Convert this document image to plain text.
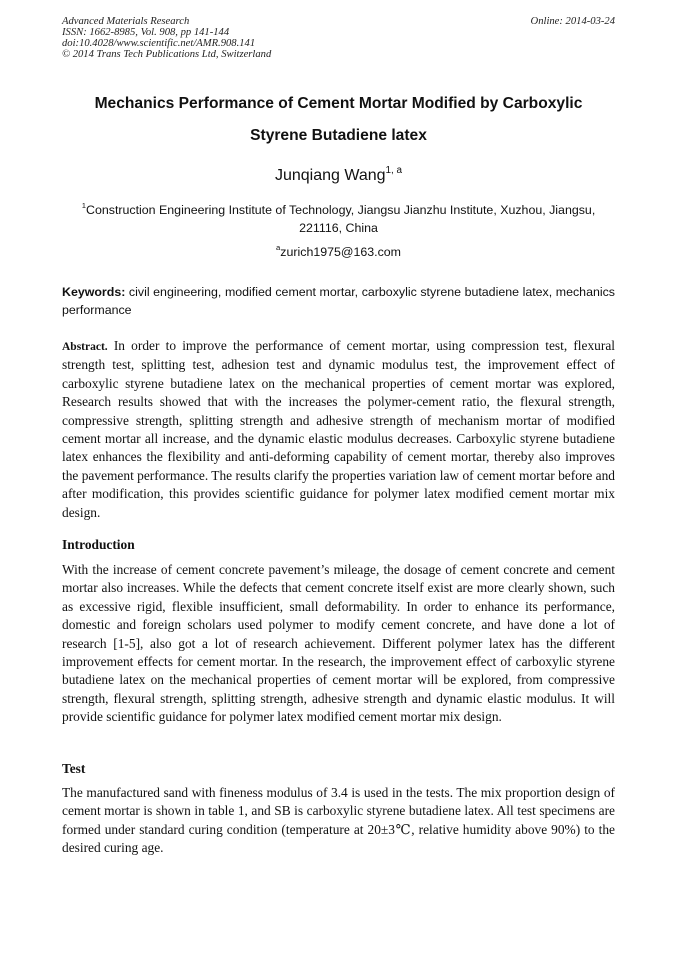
Advanced Materials Research
ISSN: 1662-8985, Vol. 908, pp 141-144
doi:10.4028/www.scientific.net/AMR.908.141
© 2014 Trans Tech Publications Ltd, Switzerland
Online: 2014-03-24
Mechanics Performance of Cement Mortar Modified by Carboxylic
Styrene Butadiene latex
Junqiang Wang$^{1, a}$
$^1$Construction Engineering Institute of Technology, Jiangsu Jianzhu Institute, Xuzhou, Jiangsu, 221116, China
$^a$zurich1975@163.com
Keywords: civil engineering, modified cement mortar, carboxylic styrene butadiene latex, mechanics performance
Abstract. In order to improve the performance of cement mortar, using compression test, flexural strength test, splitting test, adhesion test and dynamic modulus test, the improvement effect of carboxylic styrene butadiene latex on the mechanical properties of cement mortar was explored, Research results showed that with the increases the polymer-cement ratio, the flexural strength, compressive strength, splitting strength and adhesive strength of mechanism mortar of modified cement mortar all increase, and the dynamic elastic modulus decreases. Carboxylic styrene butadiene latex enhances the flexibility and anti-deforming capability of cement mortar, thereby also improves the pavement performance. The results clarify the properties variation law of cement mortar before and after modification, this provides scientific guidance for polymer latex modified cement mortar mix design.
Introduction
With the increase of cement concrete pavement’s mileage, the dosage of cement concrete and cement mortar also increases. While the defects that cement concrete itself exist are more clearly shown, such as excessive rigid, flexible insufficient, small deformability. In order to enhance its performance, domestic and foreign scholars used polymer to modify cement concrete, and have done a lot of research [1-5], also got a lot of research achievement. Different polymer latex has the different improvement effects for cement mortar. In the research, the improvement effect of carboxylic styrene butadiene latex on the mechanical properties of cement mortar will be explored, from compressive strength, flexural strength, splitting strength, adhesive strength and dynamic elastic modulus. It will provide scientific guidance for polymer latex modified cement mortar mix design.
Test
The manufactured sand with fineness modulus of 3.4 is used in the tests. The mix proportion design of cement mortar is shown in table 1, and SB is carboxylic styrene butadiene latex. All test specimens are formed under standard curing condition (temperature at 20±3℃, relative humidity above 90%) to the desired curing age.
